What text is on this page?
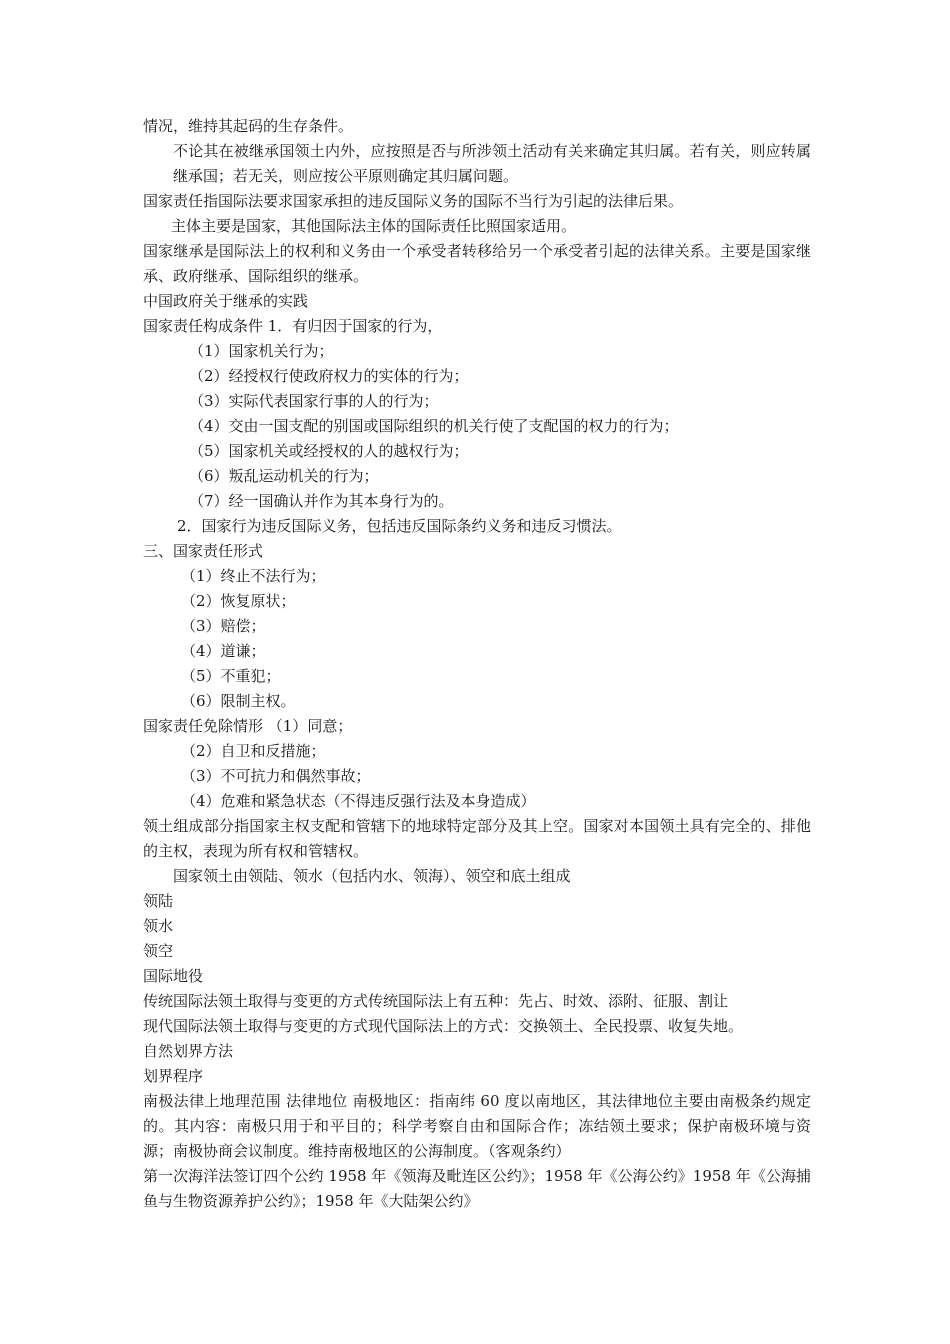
情况，维持其起码的生存条件。
不论其在被继承国领土内外，应按照是否与所涉领土活动有关来确定其归属。若有关，则应转属继承国；若无关，则应按公平原则确定其归属问题。
国家责任指国际法要求国家承担的违反国际义务的国际不当行为引起的法律后果。
主体主要是国家，其他国际法主体的国际责任比照国家适用。
国家继承是国际法上的权利和义务由一个承受者转移给另一个承受者引起的法律关系。主要是国家继承、政府继承、国际组织的继承。
中国政府关于继承的实践
国家责任构成条件 1．有归因于国家的行为，
（1）国家机关行为；
（2）经授权行使政府权力的实体的行为；
（3）实际代表国家行事的人的行为；
（4）交由一国支配的别国或国际组织的机关行使了支配国的权力的行为；
（5）国家机关或经授权的人的越权行为；
（6）叛乱运动机关的行为；
（7）经一国确认并作为其本身行为的。
2．国家行为违反国际义务，包括违反国际条约义务和违反习惯法。
三、国家责任形式
（1）终止不法行为；
（2）恢复原状；
（3）赔偿；
（4）道谦；
（5）不重犯；
（6）限制主权。
国家责任免除情形 （1）同意；
（2）自卫和反措施；
（3）不可抗力和偶然事故；
（4）危难和紧急状态（不得违反强行法及本身造成）
领土组成部分指国家主权支配和管辖下的地球特定部分及其上空。国家对本国领土具有完全的、排他的主权，表现为所有权和管辖权。
国家领土由领陆、领水（包括内水、领海）、领空和底土组成
领陆
领水
领空
国际地役
传统国际法领土取得与变更的方式传统国际法上有五种：先占、时效、添附、征服、割让
现代国际法领土取得与变更的方式现代国际法上的方式：交换领土、全民投票、收复失地。
自然划界方法
划界程序
南极法律上地理范围 法律地位 南极地区：指南纬 60 度以南地区，其法律地位主要由南极条约规定的。其内容：南极只用于和平目的；科学考察自由和国际合作；冻结领土要求；保护南极环境与资源；南极协商会议制度。维持南极地区的公海制度。（客观条约）
第一次海洋法签订四个公约 1958 年《领海及毗连区公约》；1958 年《公海公约》1958 年《公海捕鱼与生物资源养护公约》；1958 年《大陆架公约》
